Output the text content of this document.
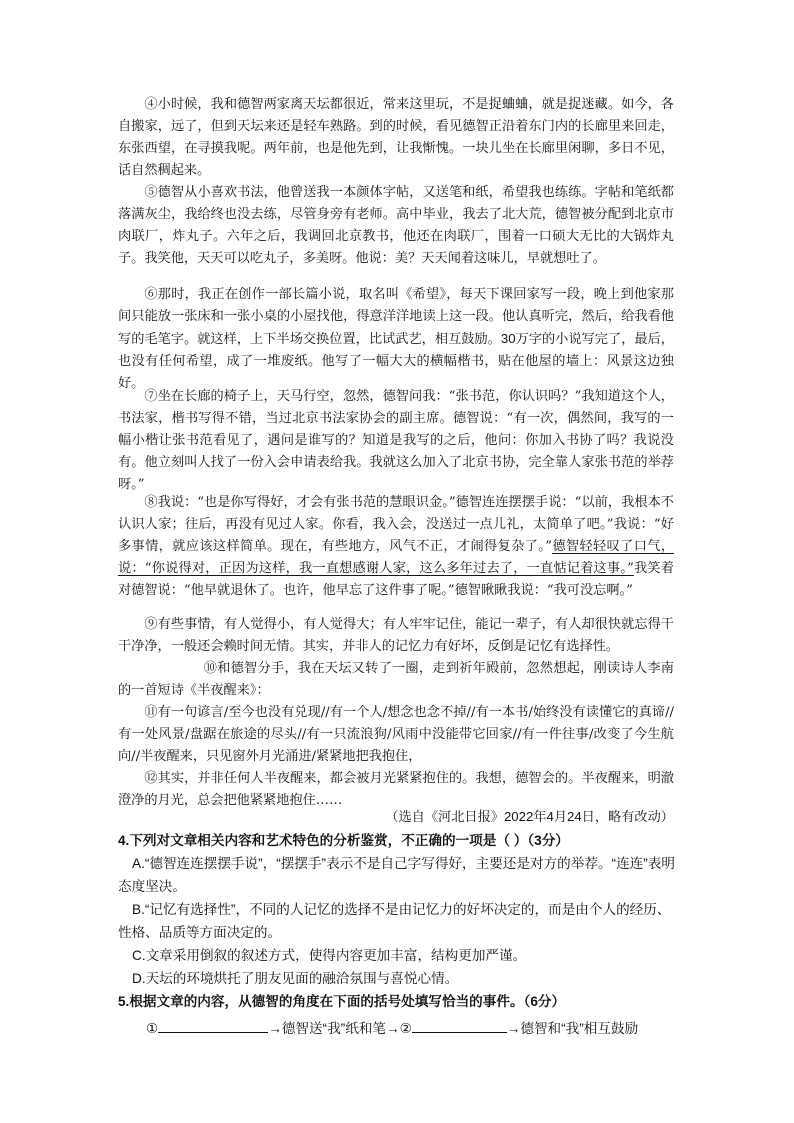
④小时候，我和德智两家离天坛都很近，常来这里玩，不是捉蛐蛐，就是捉迷藏。如今，各自搬家，远了，但到天坛来还是轻车熟路。到的时候，看见德智正沿着东门内的长廊里来回走，东张西望，在寻摸我呢。两年前，也是他先到，让我惭愧。一块儿坐在长廊里闲聊，多日不见，话自然稠起来。

⑤德智从小喜欢书法，他曾送我一本颜体字帖，又送笔和纸，希望我也练练。字帖和笔纸都落满灰尘，我给终也没去练，尽管身旁有老师。高中毕业，我去了北大荒，德智被分配到北京市肉联厂，炸丸子。六年之后，我调回北京教书，他还在肉联厂，围着一口硕大无比的大锅炸丸子。我笑他，天天可以吃丸子，多美呀。他说：美？天天闻着这味儿，早就想吐了。

⑥那时，我正在创作一部长篇小说，取名叫《希望》，每天下课回家写一段，晚上到他家那间只能放一张床和一张小桌的小屋找他，得意洋洋地读上这一段。他认真听完，然后，给我看他写的毛笔字。就这样，上下半场交换位置，比试武艺，相互鼓励。30万字的小说写完了，最后，也没有任何希望，成了一堆废纸。他写了一幅大大的横幅楷书，贴在他屋的墙上：风景这边独好。

⑦坐在长廊的椅子上，天马行空，忽然，德智问我：“张书范，你认识吗？”我知道这个人，书法家，楷书写得不错，当过北京书法家协会的副主席。德智说：“有一次，偶然间，我写的一幅小楷让张书范看见了，遇问是谁写的？知道是我写的之后，他问：你加入书协了吗？我说没有。他立刻叫人找了一份入会申请表给我。我就这么加入了北京书协，完全靠人家张书范的举荐呀。”

⑧我说：“也是你写得好，才会有张书范的慧眼识金。”德智连连摆摆手说：“以前，我根本不认识人家；往后，再没有见过人家。你看，我入会，没送过一点儿礼，太简单了吧。”我说：“好多事情，就应该这样简单。现在，有些地方，风气不正，才闹得复杂了。”德智轻轻叹了口气，说：“你说得对，正因为这样，我一直想感谢人家，这么多年过去了，一直惦记着这事。”我笑着对德智说：“他早就退休了。也许，他早忘了这件事了呢。”德智瞅瞅我说：“我可没忘啊。”

⑨有些事情，有人觉得小，有人觉得大；有人牢牢记住，能记一辈子，有人却很快就忘得干干净净，一般还会赖时间无情。其实，并非人的记忆力有好坏，反倒是记忆有选择性。

⑩和德智分手，我在天坛又转了一圈，走到祈年殿前，忽然想起，刚读诗人李南的一首短诗《半夜醒来》：

⑪有一句谚言/至今也没有兑现//有一个人/想念也念不掉//有一本书/始终没有读懂它的真谛//有一处风景/盘踞在旅途的尽头//有一只流浪狗/风雨中没能带它回家//有一件往事/改变了今生航向//半夜醒来，只见窗外月光涌进/紧紧地把我抱住，

⑫其实，并非任何人半夜醒来，都会被月光紧紧抱住的。我想，德智会的。半夜醒来，明澈澄净的月光，总会把他紧紧地抱住……

（选自《河北日报》2022年4月24日，略有改动）

4.下列对文章相关内容和艺术特色的分析鉴赏，不正确的一项是（ ）（3分）

A.“德智连连摆摆手说”，“摆摆手”表示不是自己字写得好，主要还是对方的举荐。“连连”表明态度坚决。

B.“记忆有选择性”，不同的人记忆的选择不是由记忆力的好坏决定的，而是由个人的经历、性格、品质等方面决定的。

C.文章采用倒叙的叙述方式，使得内容更加丰富，结构更加严谨。

D.天坛的环境烘托了朋友见面的融洽氛围与喜悦心情。

5.根据文章的内容，从德智的角度在下面的括号处填写恰当的事件。（6分）

①	→德智送“我”纸和笔→②	→德智和“我”相互鼓励
